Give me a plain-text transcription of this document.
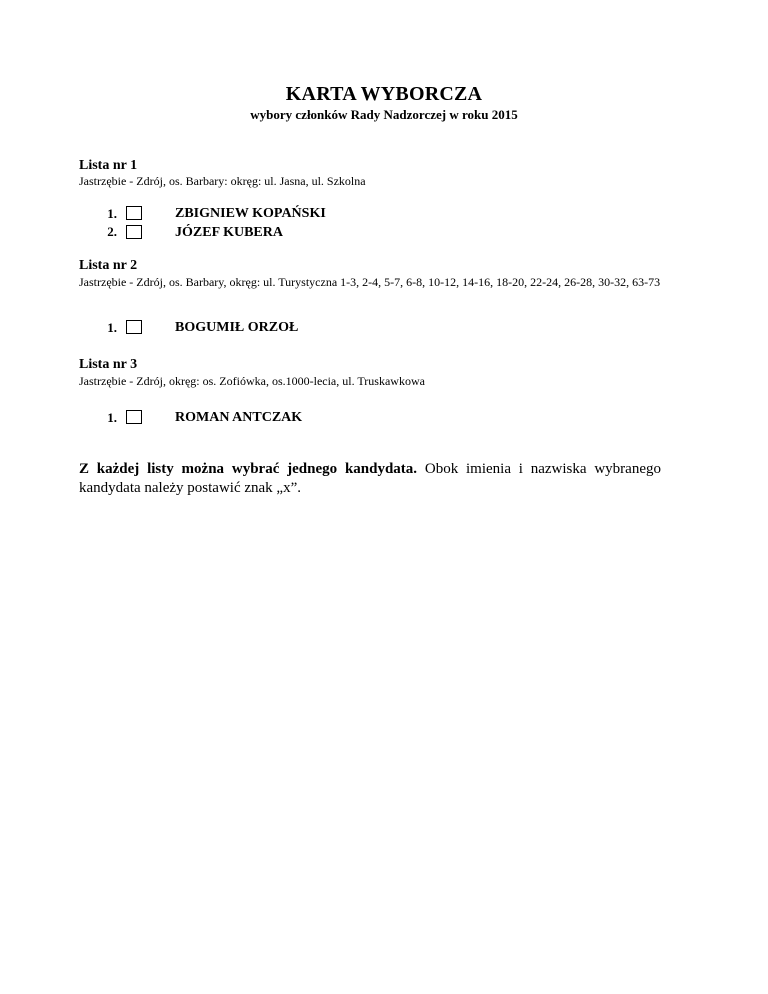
KARTA WYBORCZA
wybory członków Rady Nadzorczej w roku 2015
Lista nr 1
Jastrzębie - Zdrój, os. Barbary: okręg: ul. Jasna, ul. Szkolna
1.	ZBIGNIEW KOPAŃSKI
2.	JÓZEF KUBERA
Lista nr 2
Jastrzębie - Zdrój, os. Barbary, okręg: ul. Turystyczna 1-3, 2-4, 5-7, 6-8, 10-12, 14-16, 18-20, 22-24, 26-28, 30-32, 63-73
1.	BOGUMIŁ ORZOŁ
Lista nr 3
Jastrzębie - Zdrój, okręg: os. Zofiówka, os.1000-lecia, ul. Truskawkowa
1.	ROMAN ANTCZAK
Z każdej listy można wybrać jednego kandydata. Obok imienia i nazwiska wybranego kandydata należy postawić znak „x”.
